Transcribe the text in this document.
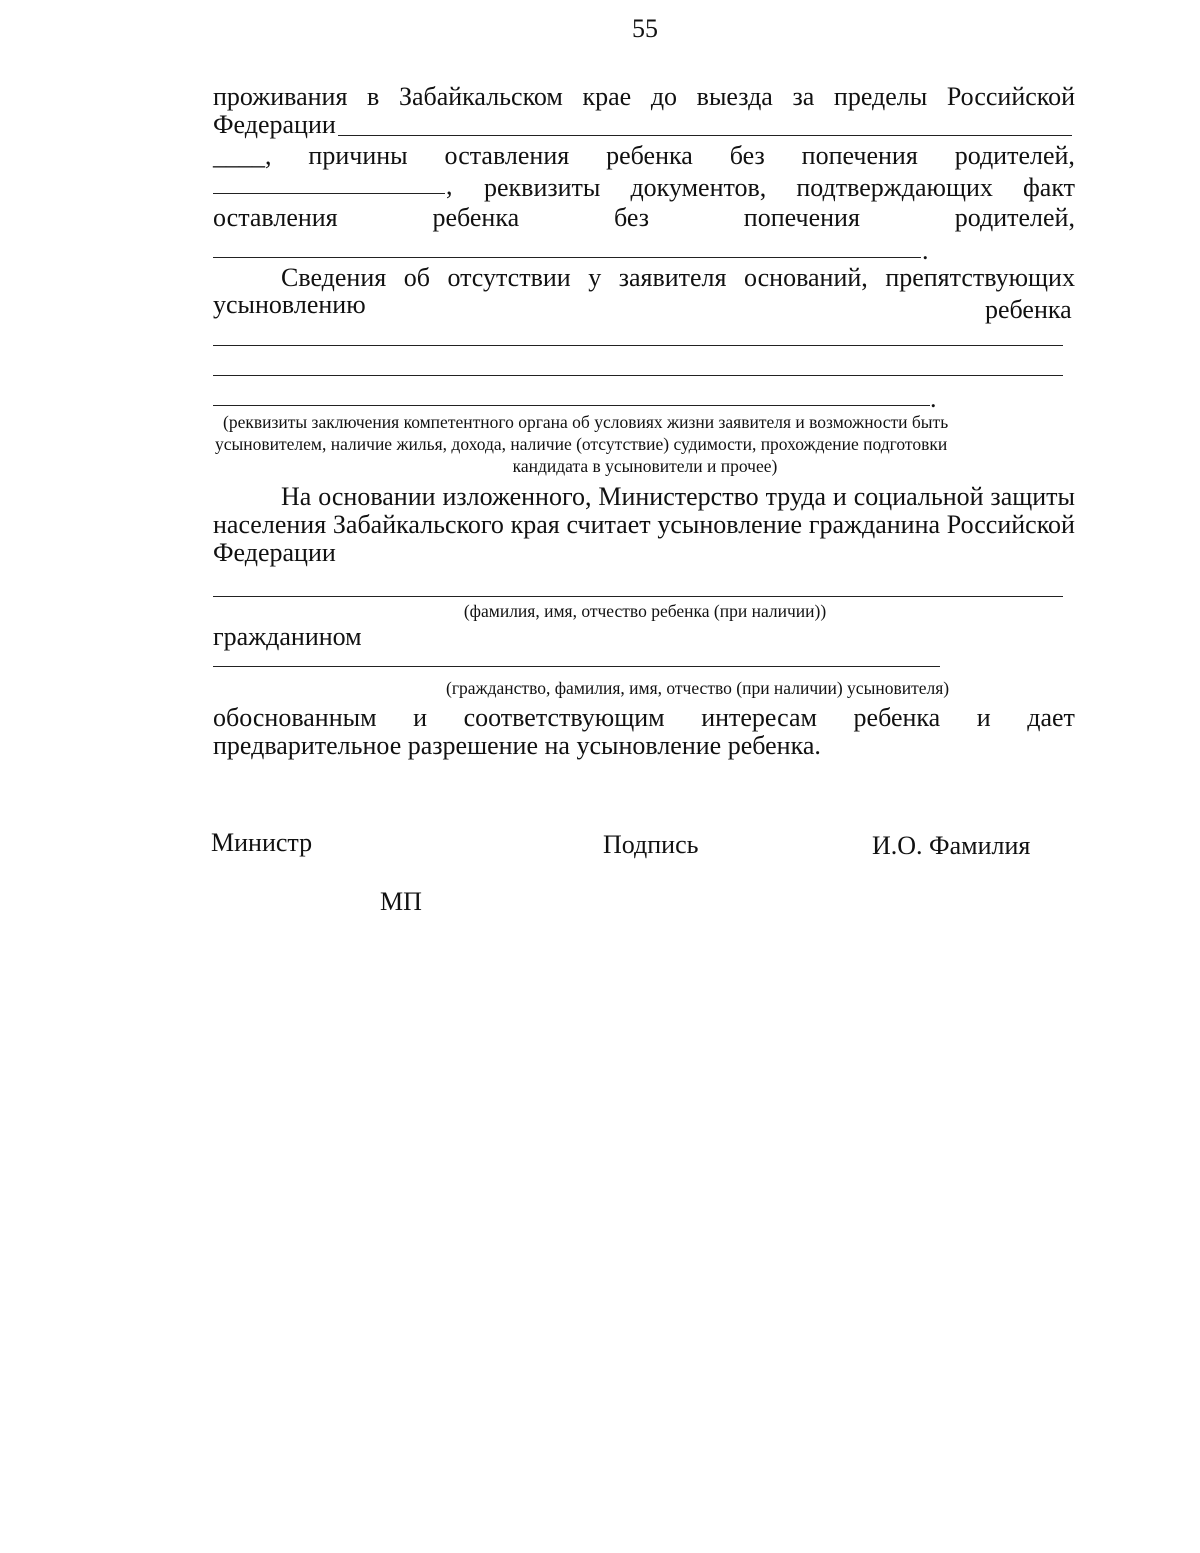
55
проживания в Забайкальском крае до выезда за пределы Российской
Федерации
____, причины оставления ребенка без попечения родителей,
, реквизиты документов, подтверждающих факт
оставления	ребенка	без	попечения	родителей,
.
Сведения об отсутствии у заявителя оснований, препятствующих
усыновлению	ребенка
.
(реквизиты заключения компетентного органа об условиях жизни заявителя и возможности быть
усыновителем, наличие жилья, дохода, наличие (отсутствие) судимости, прохождение подготовки
кандидата в усыновители и прочее)
На основании изложенного, Министерство труда и социальной защиты
населения Забайкальского края считает усыновление гражданина Российской
Федерации
(фамилия, имя, отчество ребенка (при наличии))
гражданином
(гражданство, фамилия, имя, отчество (при наличии) усыновителя)
обоснованным и соответствующим интересам ребенка и дает
предварительное разрешение на усыновление ребенка.
Министр	Подпись	И.О. Фамилия
МП
